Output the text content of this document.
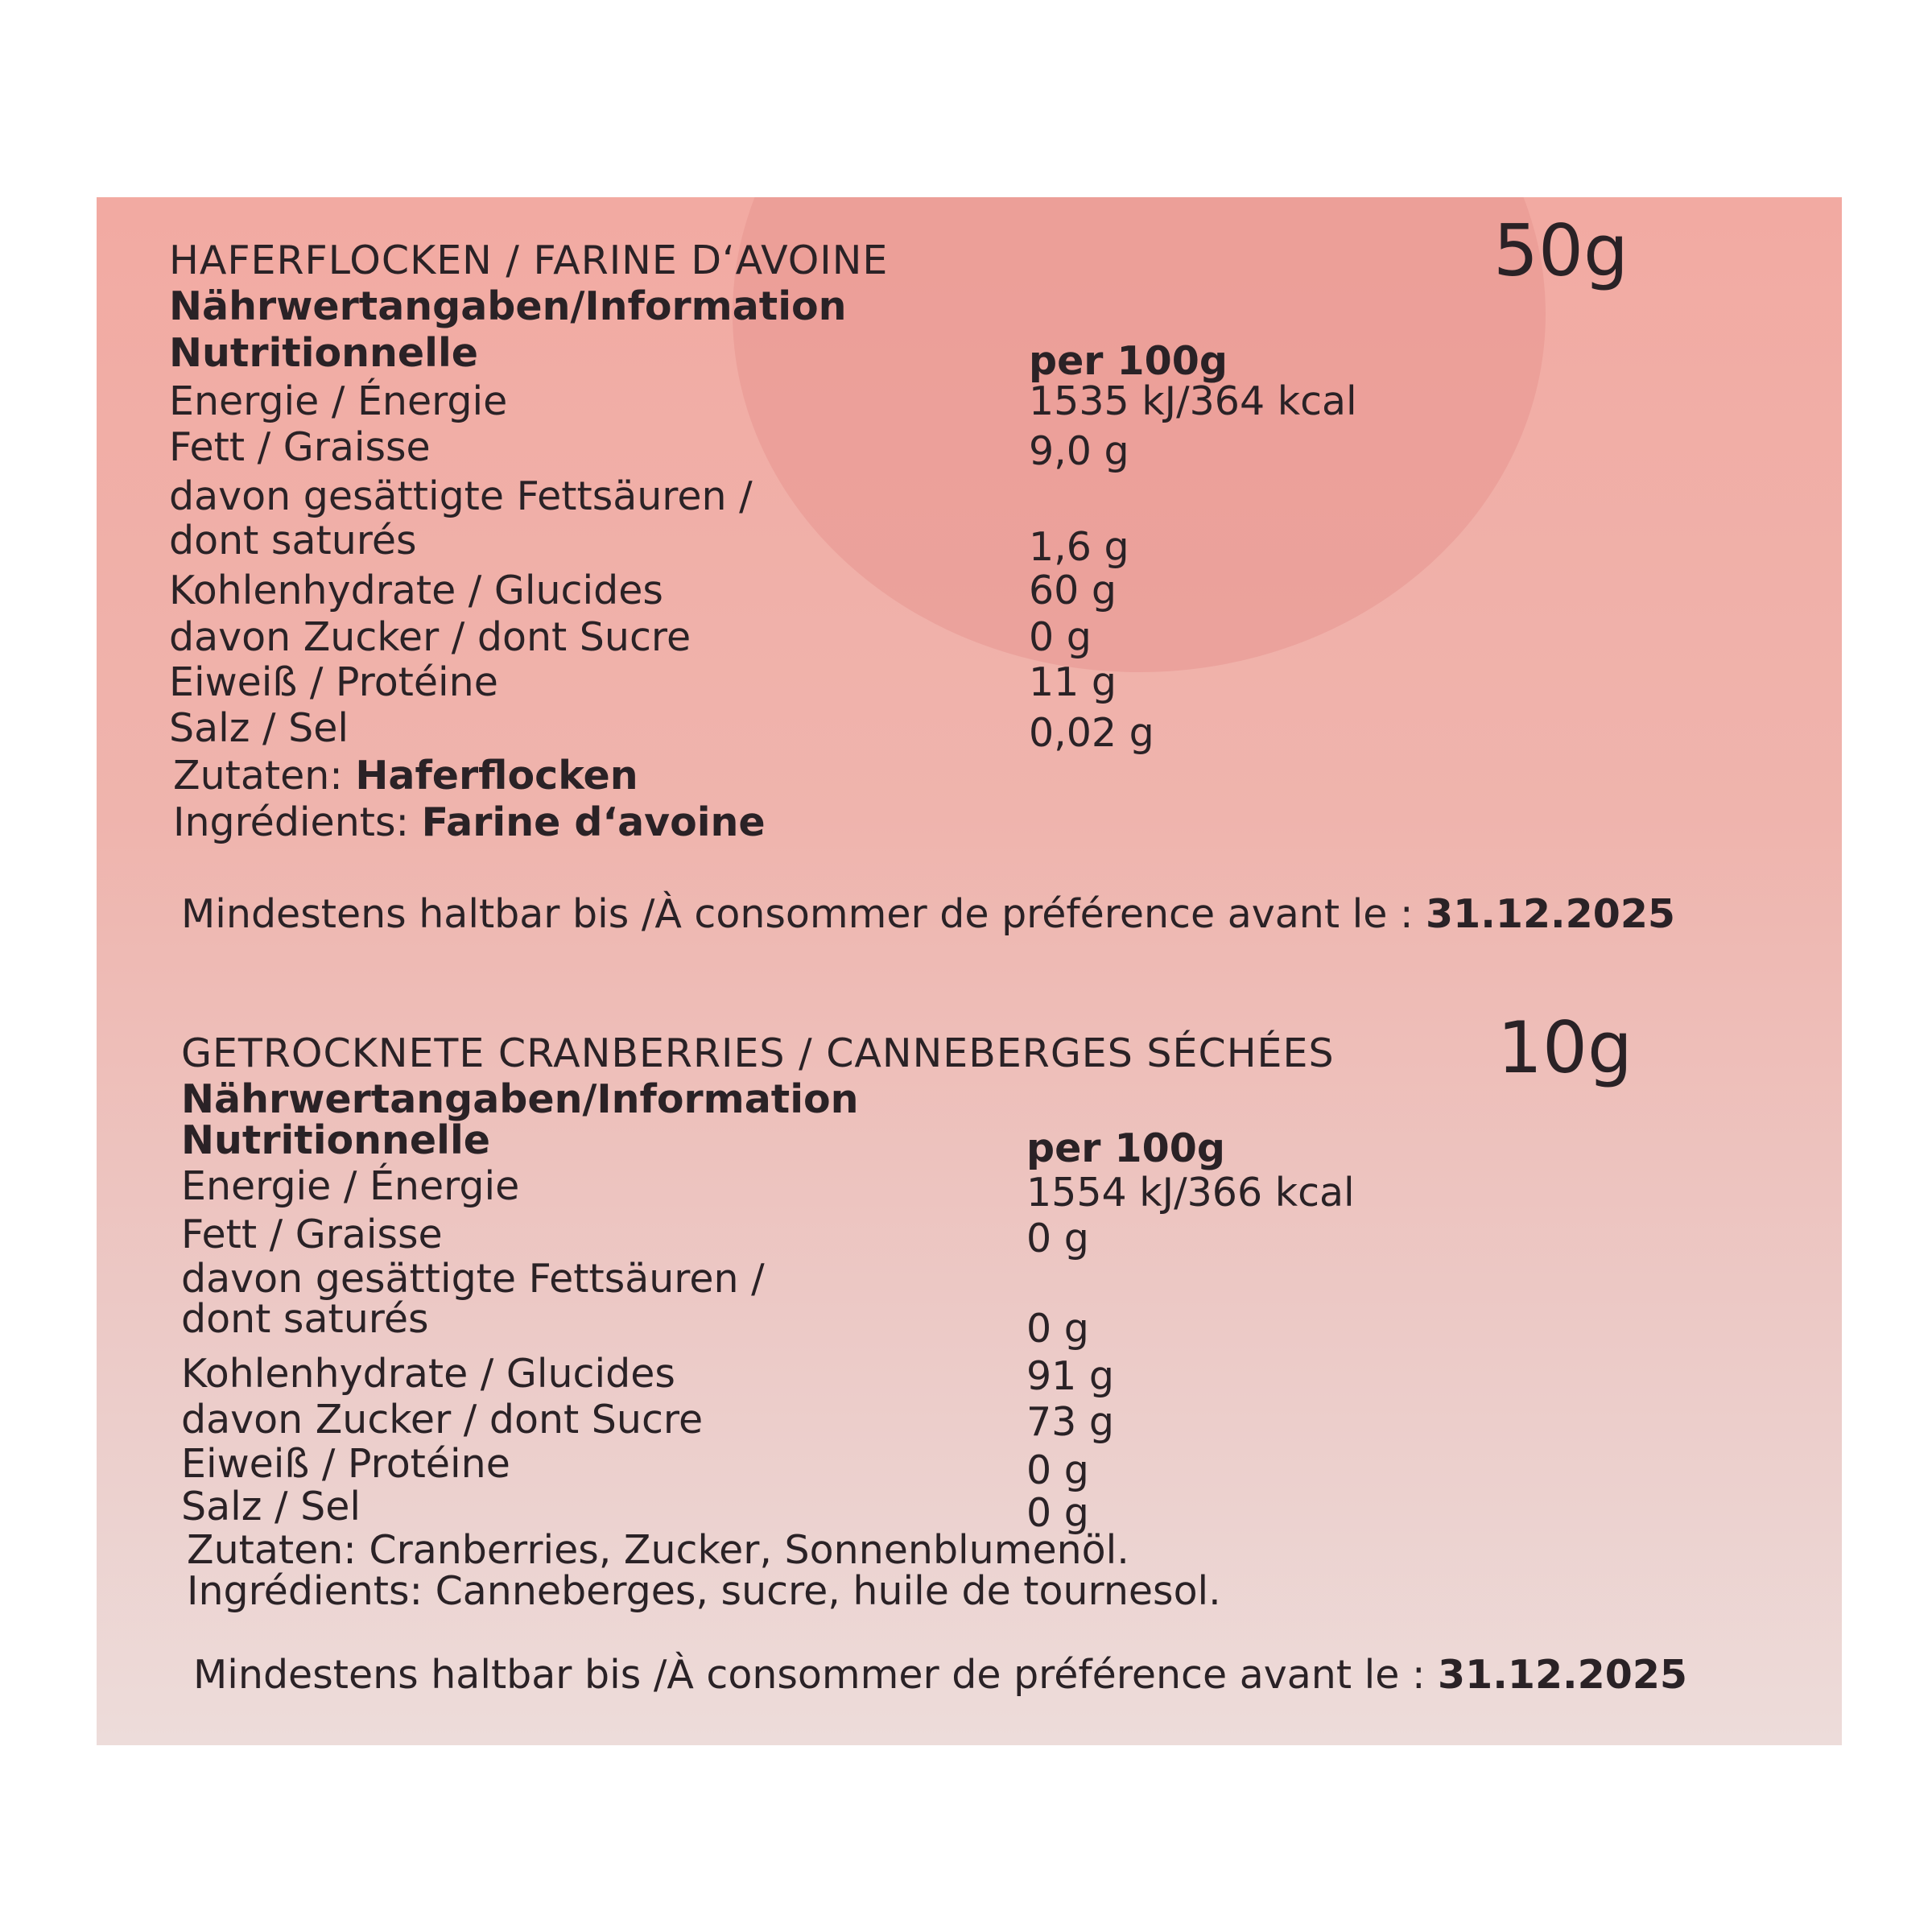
HAFERFLOCKEN / FARINE D‘AVOINE	50g
Nährwertangaben/Information
Nutritionnelle	per 100g
Energie / Énergie	1535 kJ/364 kcal
Fett / Graisse	9,0 g
davon gesättigte Fettsäuren /
dont saturés	1,6 g
Kohlenhydrate / Glucides	60 g
davon Zucker / dont Sucre	0 g
Eiweiß / Protéine	11 g
Salz / Sel	0,02 g
Zutaten: Haferflocken
Ingrédients: Farine d‘avoine
Mindestens haltbar bis /À consommer de préférence avant le : 31.12.2025
GETROCKNETE CRANBERRIES / CANNEBERGES SÉCHÉES 10g
Nährwertangaben/Information
Nutritionnelle	per 100g
Energie / Énergie	1554 kJ/366 kcal
Fett / Graisse	0 g
davon gesättigte Fettsäuren /
dont saturés	0 g
Kohlenhydrate / Glucides	91 g
davon Zucker / dont Sucre	73 g
Eiweiß / Protéine	0 g
Salz / Sel	0 g
Zutaten: Cranberries, Zucker, Sonnenblumenöl.
Ingrédients: Canneberges, sucre, huile de tournesol.
Mindestens haltbar bis /À consommer de préférence avant le : 31.12.2025
